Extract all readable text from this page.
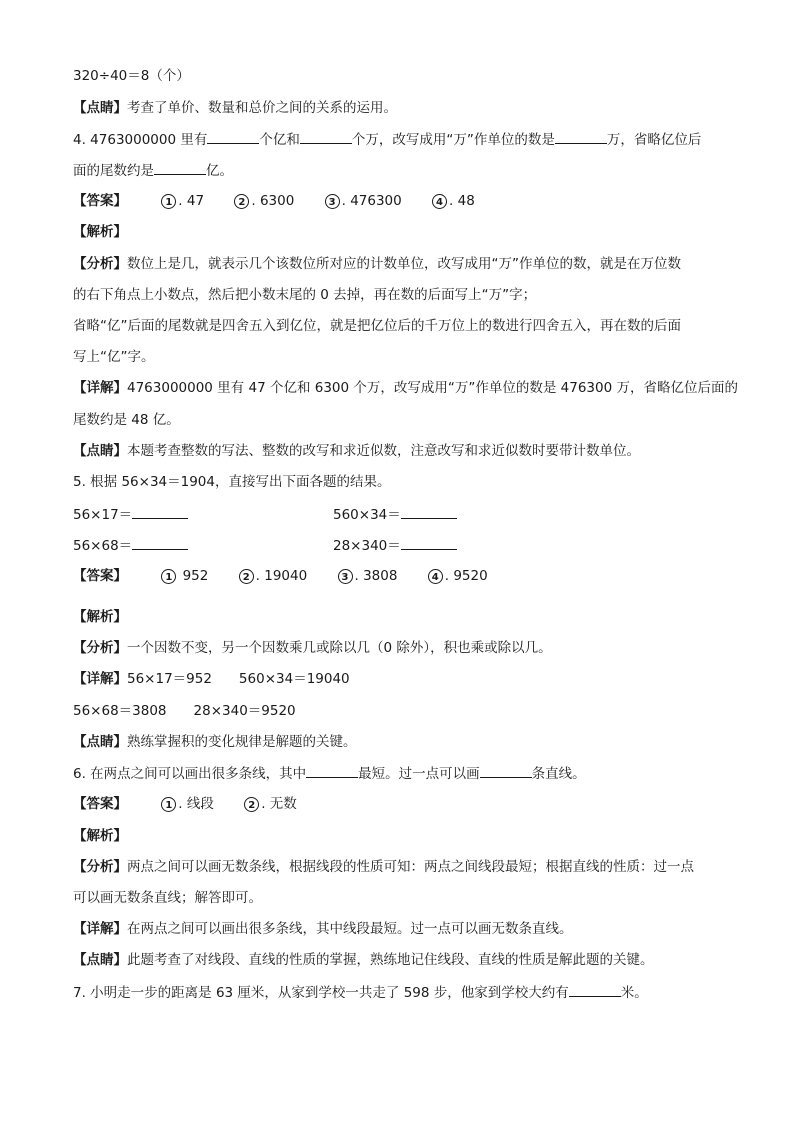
320÷40＝8（个）
【点睛】考查了单价、数量和总价之间的关系的运用。
4. 4763000000 里有	个亿和	个万，改写成用“万”作单位的数是	万，省略亿位后
面的尾数约是	亿。
【答案】	1 . 47	2 . 6300	3 . 476300	4 . 48
【解析】
【分析】数位上是几，就表示几个该数位所对应的计数单位，改写成用“万”作单位的数，就是在万位数
的右下角点上小数点，然后把小数末尾的 0 去掉，再在数的后面写上“万”字；
省略“亿”后面的尾数就是四舍五入到亿位，就是把亿位后的千万位上的数进行四舍五入，再在数的后面
写上“亿”字。
【详解】4763000000 里有 47 个亿和 6300 个万，改写成用“万”作单位的数是 476300 万，省略亿位后面的
尾数约是 48 亿。
【点睛】本题考查整数的写法、整数的改写和求近似数，注意改写和求近似数时要带计数单位。
5. 根据 56×34＝1904，直接写出下面各题的结果。
56×17＝	560×34＝
56×68＝	28×340＝
【答案】	1 952	2 . 19040	3 . 3808	4 . 9520
【解析】
【分析】一个因数不变，另一个因数乘几或除以几（0 除外），积也乘或除以几。
【详解】56×17＝952　　560×34＝19040
56×68＝3808　　28×340＝9520
【点睛】熟练掌握积的变化规律是解题的关键。
6. 在两点之间可以画出很多条线，其中	最短。过一点可以画	条直线。
【答案】	1 . 线段	2 . 无数
【解析】
【分析】两点之间可以画无数条线，根据线段的性质可知：两点之间线段最短；根据直线的性质：过一点
可以画无数条直线；解答即可。
【详解】在两点之间可以画出很多条线，其中线段最短。过一点可以画无数条直线。
【点睛】此题考查了对线段、直线的性质的掌握，熟练地记住线段、直线的性质是解此题的关键。
7. 小明走一步的距离是 63 厘米，从家到学校一共走了 598 步，他家到学校大约有	米。
